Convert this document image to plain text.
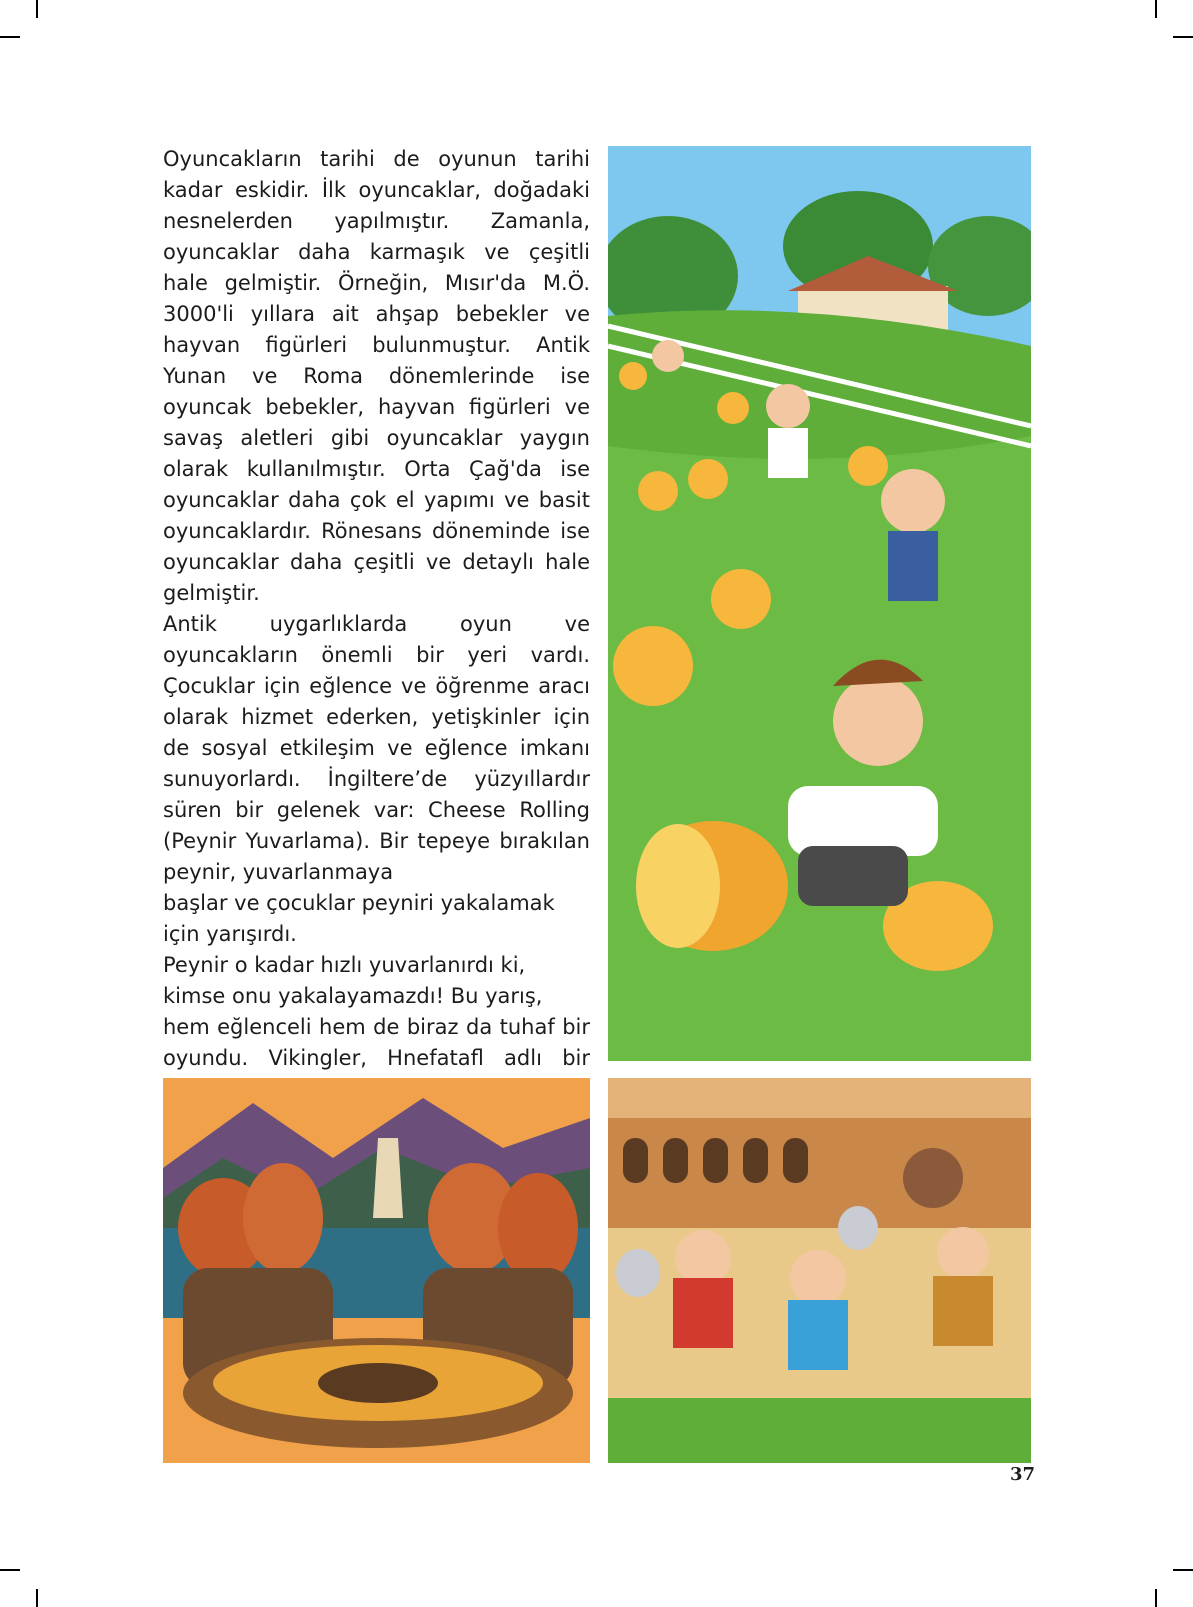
Oyuncakların tarihi de oyunun tarihi kadar eskidir. İlk oyuncaklar, doğadaki nesnelerden yapılmıştır. Zamanla, oyuncaklar daha karmaşık ve çeşitli hale gelmiştir. Örneğin, Mısır'da M.Ö. 3000'li yıllara ait ahşap bebekler ve hayvan figürleri bulunmuştur. Antik Yunan ve Roma dönemlerinde ise oyuncak bebekler, hayvan figürleri ve savaş aletleri gibi oyuncaklar yaygın olarak kullanılmıştır. Orta Çağ'da ise oyuncaklar daha çok el yapımı ve basit oyuncaklardır. Rönesans döneminde ise oyuncaklar daha çeşitli ve detaylı hale gelmiştir.

Antik uygarlıklarda oyun ve oyuncakların önemli bir yeri vardı. Çocuklar için eğlence ve öğrenme aracı olarak hizmet ederken, yetişkinler için de sosyal etkileşim ve eğlence imkanı sunuyorlardı. İngiltere’de yüzyıllardır süren bir gelenek var: Cheese Rolling (Peynir Yuvarlama). Bir tepeye bırakılan peynir, yuvarlanmaya

başlar ve çocuklar peyniri yakalamak
için yarışırdı.
Peynir o kadar hızlı yuvarlanırdı ki,
kimse onu yakalayamazdı! Bu yarış,

hem eğlenceli hem de biraz da tuhaf bir oyundu. Vikingler, Hnefatafl adlı bir

37
